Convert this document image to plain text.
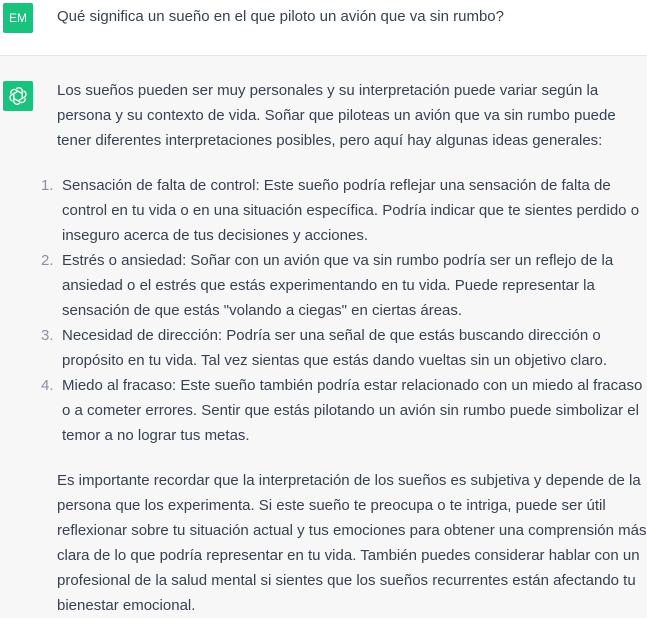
EM Qué significa un sueño en el que piloto un avión que va sin rumbo?

Los sueños pueden ser muy personales y su interpretación puede variar según la persona y su contexto de vida. Soñar que piloteas un avión que va sin rumbo puede tener diferentes interpretaciones posibles, pero aquí hay algunas ideas generales:

1. Sensación de falta de control: Este sueño podría reflejar una sensación de falta de control en tu vida o en una situación específica. Podría indicar que te sientes perdido o inseguro acerca de tus decisiones y acciones.
2. Estrés o ansiedad: Soñar con un avión que va sin rumbo podría ser un reflejo de la ansiedad o el estrés que estás experimentando en tu vida. Puede representar la sensación de que estás "volando a ciegas" en ciertas áreas.
3. Necesidad de dirección: Podría ser una señal de que estás buscando dirección o propósito en tu vida. Tal vez sientas que estás dando vueltas sin un objetivo claro.
4. Miedo al fracaso: Este sueño también podría estar relacionado con un miedo al fracaso o a cometer errores. Sentir que estás pilotando un avión sin rumbo puede simbolizar el temor a no lograr tus metas.

Es importante recordar que la interpretación de los sueños es subjetiva y depende de la persona que los experimenta. Si este sueño te preocupa o te intriga, puede ser útil reflexionar sobre tu situación actual y tus emociones para obtener una comprensión más clara de lo que podría representar en tu vida. También puedes considerar hablar con un profesional de la salud mental si sientes que los sueños recurrentes están afectando tu bienestar emocional.
